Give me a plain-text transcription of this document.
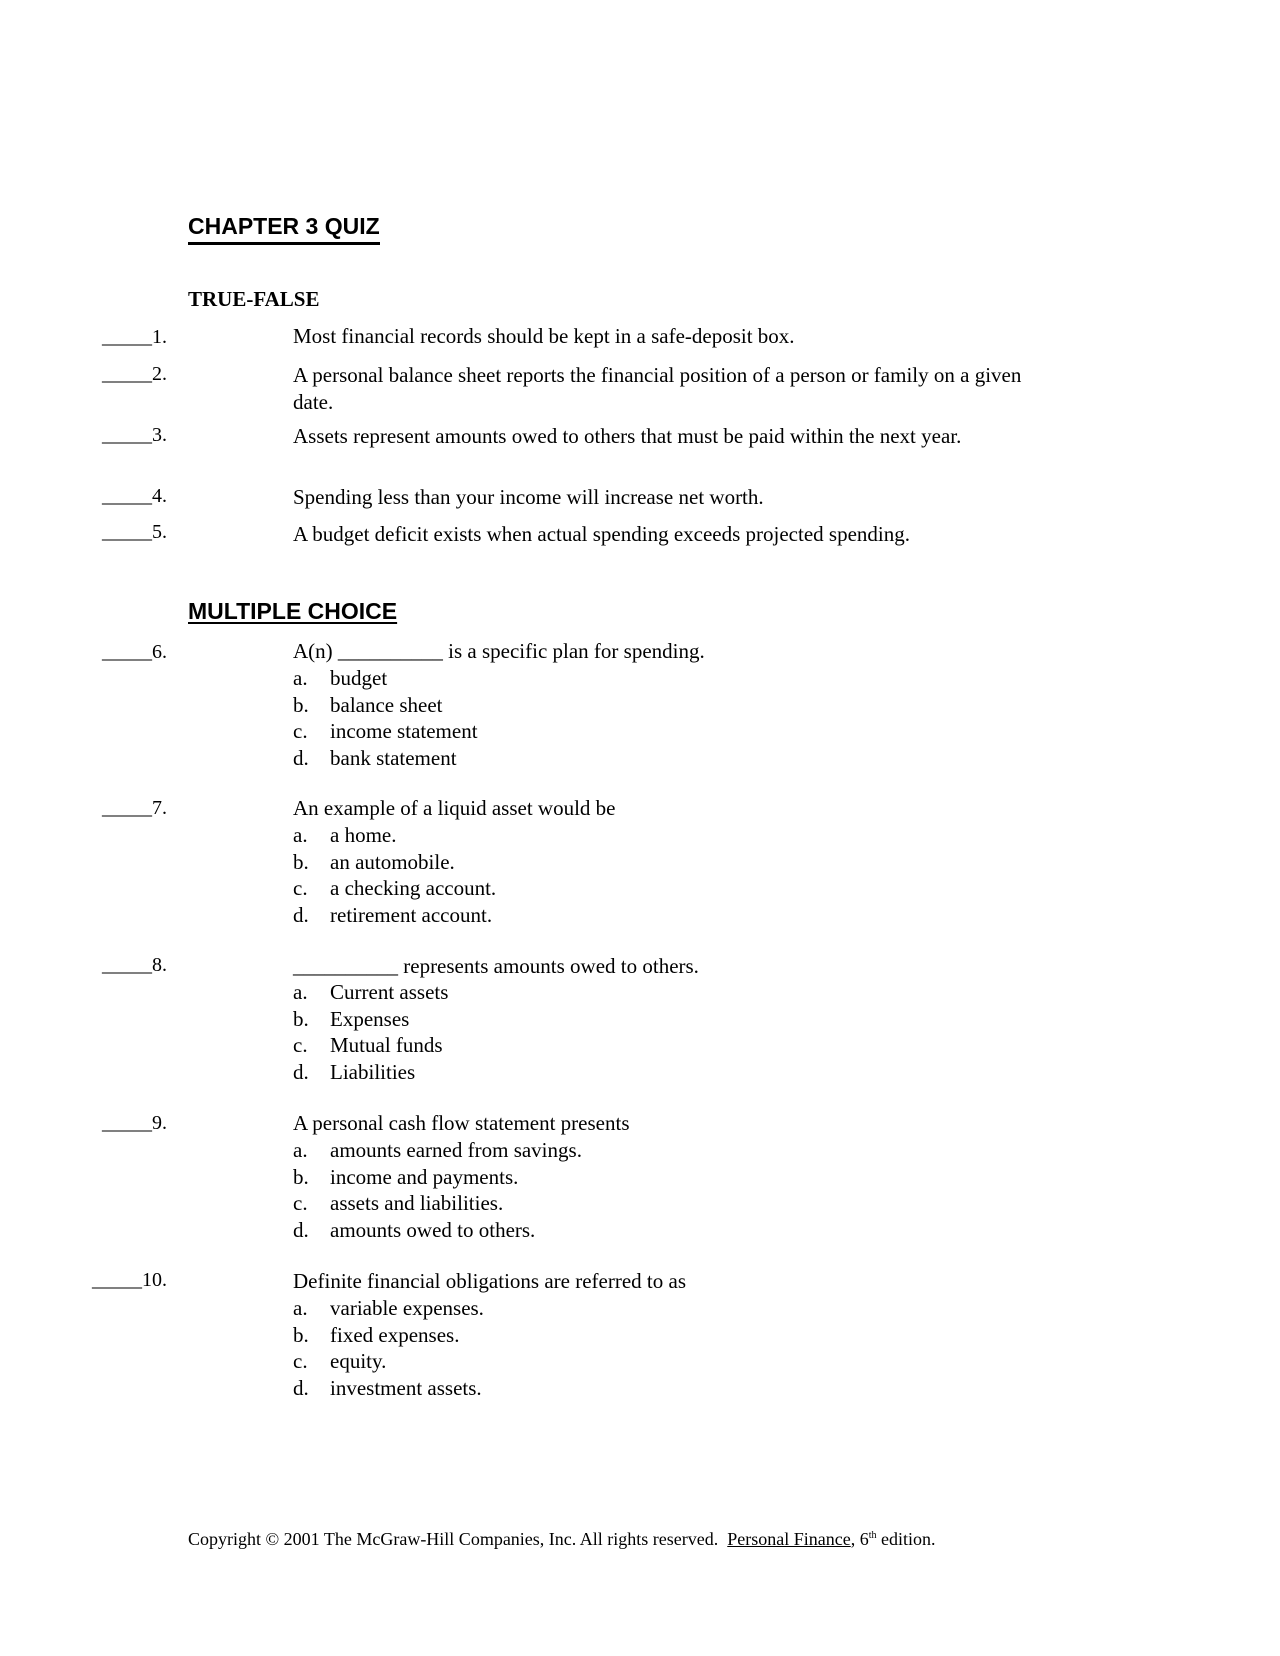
CHAPTER 3 QUIZ
TRUE-FALSE
_____1.	Most financial records should be kept in a safe-deposit box.
_____2.	A personal balance sheet reports the financial position of a person or family on a given date.
_____3.	Assets represent amounts owed to others that must be paid within the next year.
_____4.	Spending less than your income will increase net worth.
_____5.	A budget deficit exists when actual spending exceeds projected spending.
MULTIPLE CHOICE
_____6.	A(n) __________ is a specific plan for spending.
a. budget
b. balance sheet
c. income statement
d. bank statement
_____7.	An example of a liquid asset would be
a. a home.
b. an automobile.
c. a checking account.
d. retirement account.
_____8.	__________ represents amounts owed to others.
a. Current assets
b. Expenses
c. Mutual funds
d. Liabilities
_____9.	A personal cash flow statement presents
a. amounts earned from savings.
b. income and payments.
c. assets and liabilities.
d. amounts owed to others.
_____10.	Definite financial obligations are referred to as
a. variable expenses.
b. fixed expenses.
c. equity.
d. investment assets.
Copyright © 2001 The McGraw-Hill Companies, Inc. All rights reserved. Personal Finance, 6th edition.
